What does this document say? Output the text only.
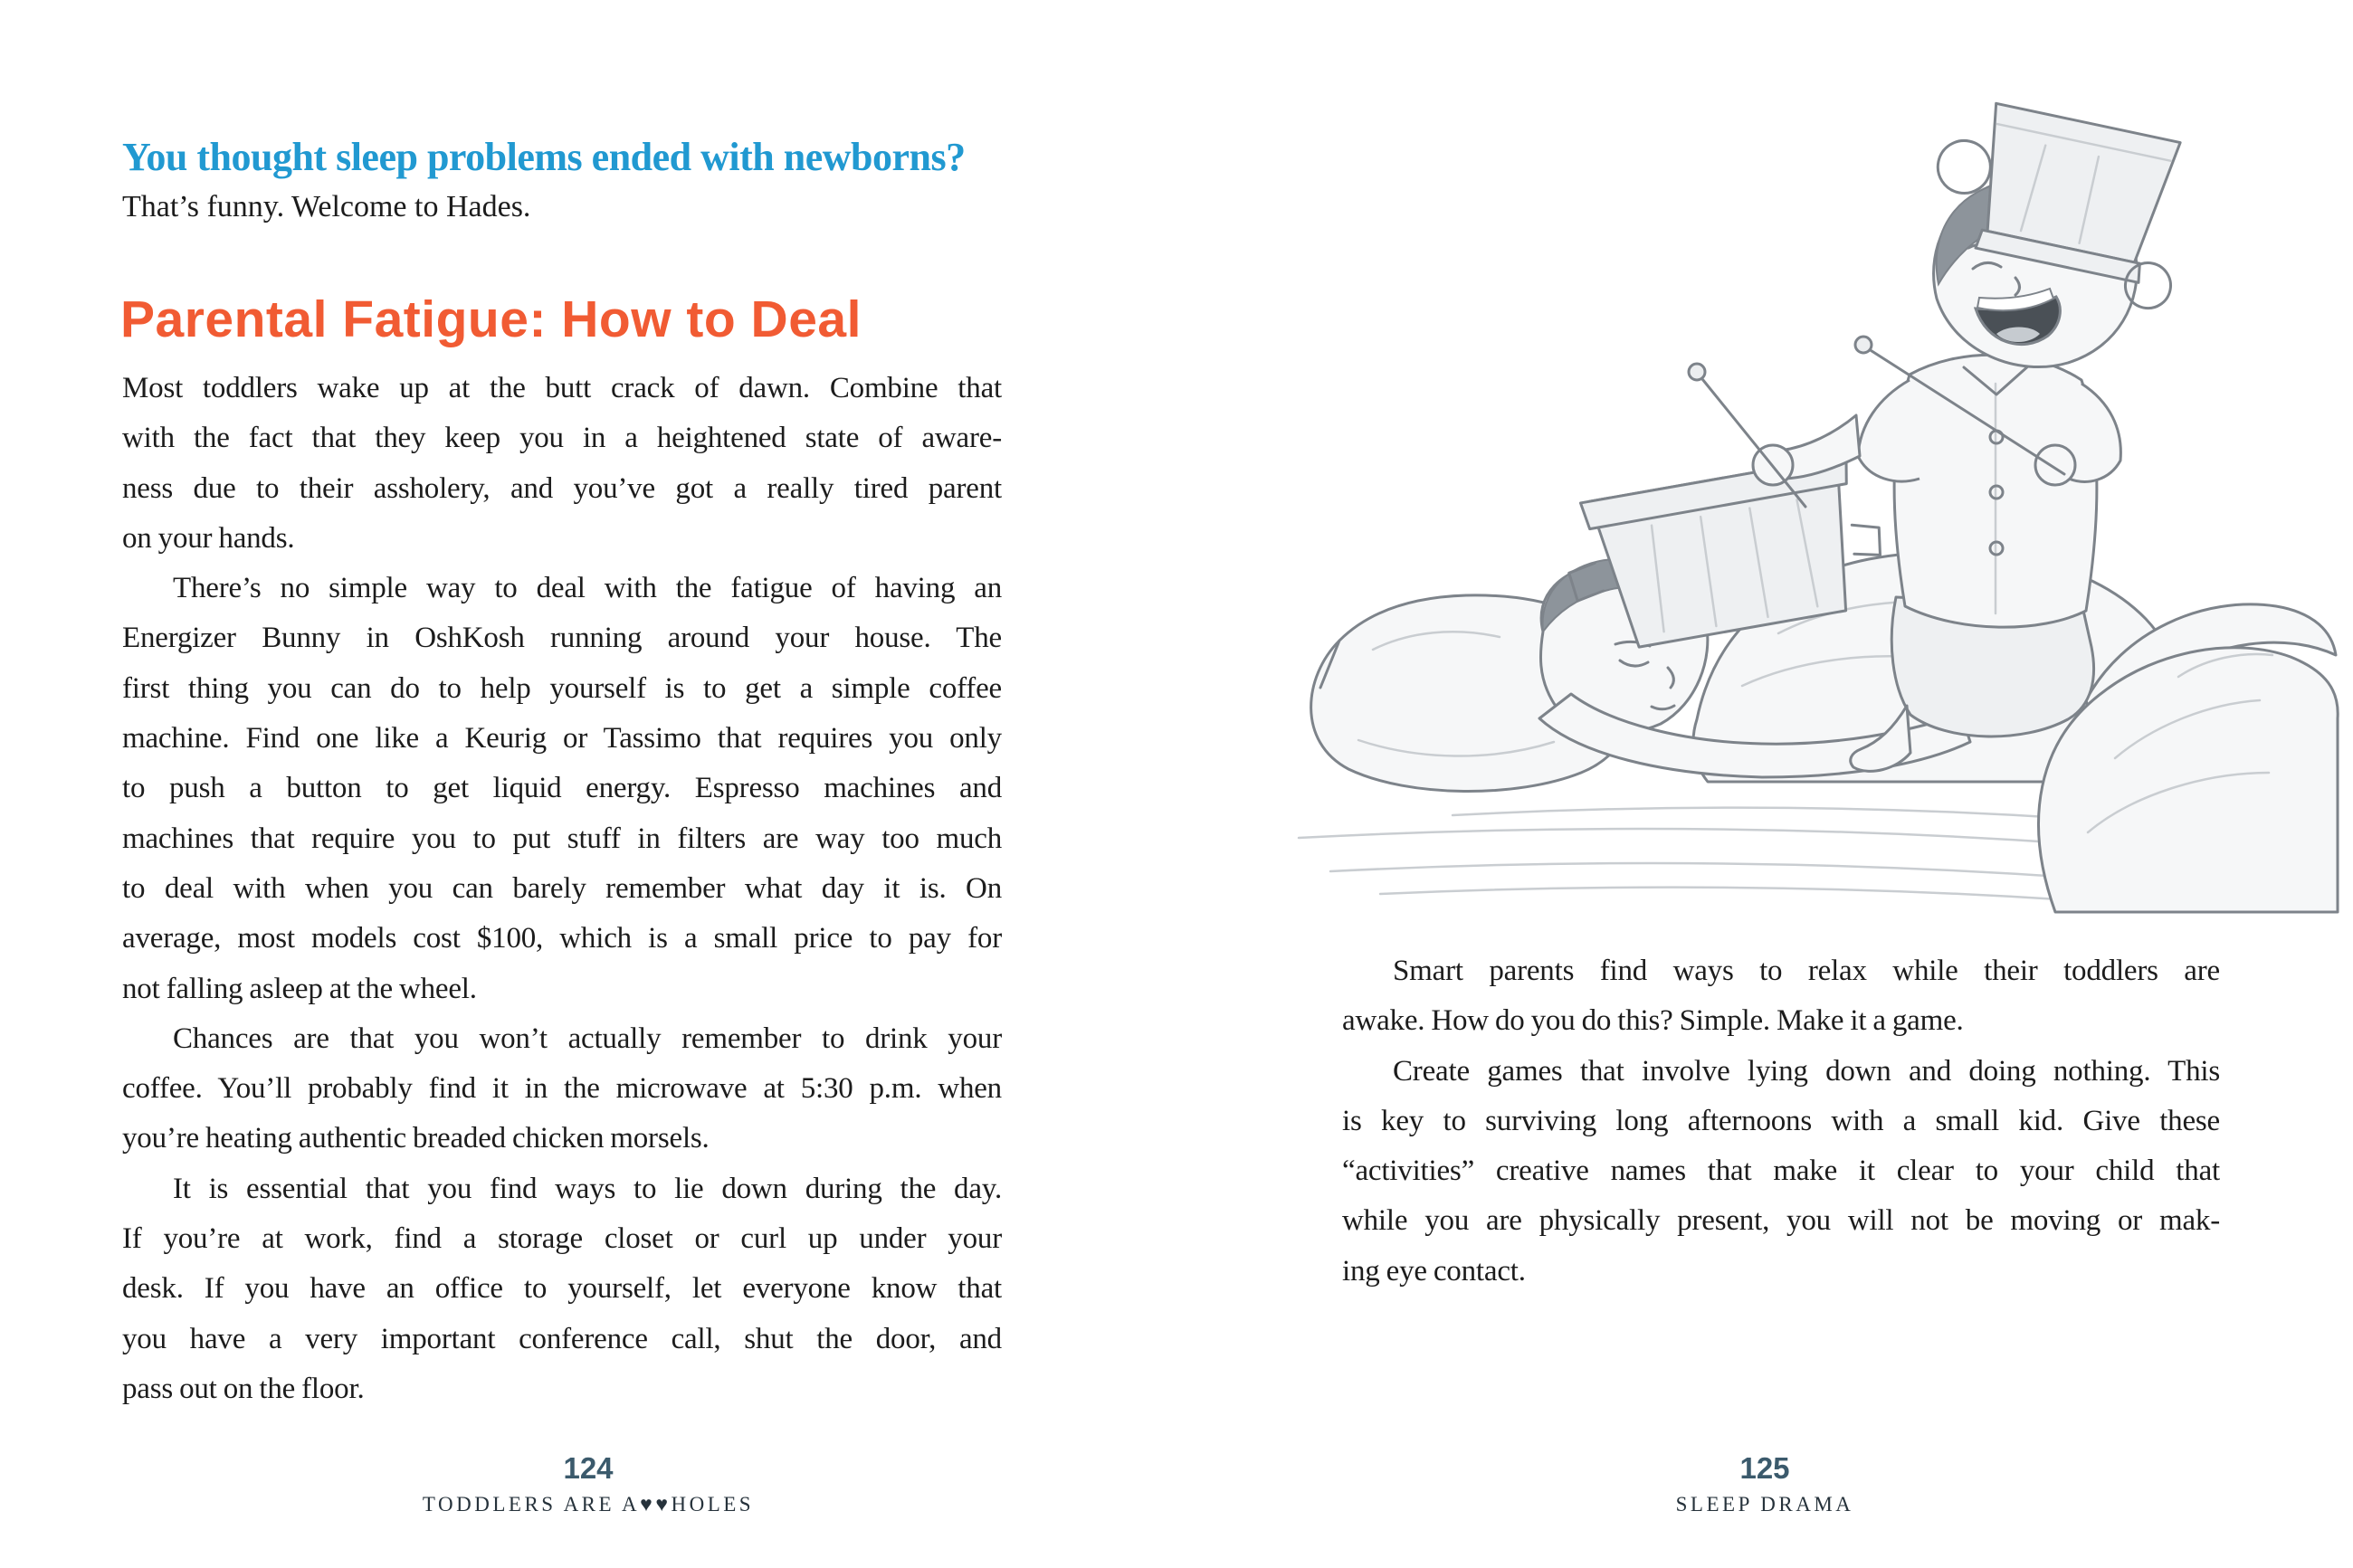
You thought sleep problems ended with newborns?

That’s funny. Welcome to Hades.

Parental Fatigue: How to Deal

Most toddlers wake up at the butt crack of dawn. Combine that
with the fact that they keep you in a heightened state of aware-
ness due to their assholery, and you’ve got a really tired parent
on your hands.

There’s no simple way to deal with the fatigue of having an
Energizer Bunny in OshKosh running around your house. The
first thing you can do to help yourself is to get a simple coffee
machine. Find one like a Keurig or Tassimo that requires you only
to push a button to get liquid energy. Espresso machines and
machines that require you to put stuff in filters are way too much
to deal with when you can barely remember what day it is. On
average, most models cost $100, which is a small price to pay for
not falling asleep at the wheel.

Chances are that you won’t actually remember to drink your
coffee. You’ll probably find it in the microwave at 5:30 p.m. when
you’re heating authentic breaded chicken morsels.

It is essential that you find ways to lie down during the day.
If you’re at work, find a storage closet or curl up under your
desk. If you have an office to yourself, let everyone know that
you have a very important conference call, shut the door, and
pass out on the floor.

124
TODDLERS ARE A♥♥HOLES

Smart parents find ways to relax while their toddlers are
awake. How do you do this? Simple. Make it a game.

Create games that involve lying down and doing nothing. This
is key to surviving long afternoons with a small kid. Give these
“activities” creative names that make it clear to your child that
while you are physically present, you will not be moving or mak-
ing eye contact.

125
SLEEP DRAMA
